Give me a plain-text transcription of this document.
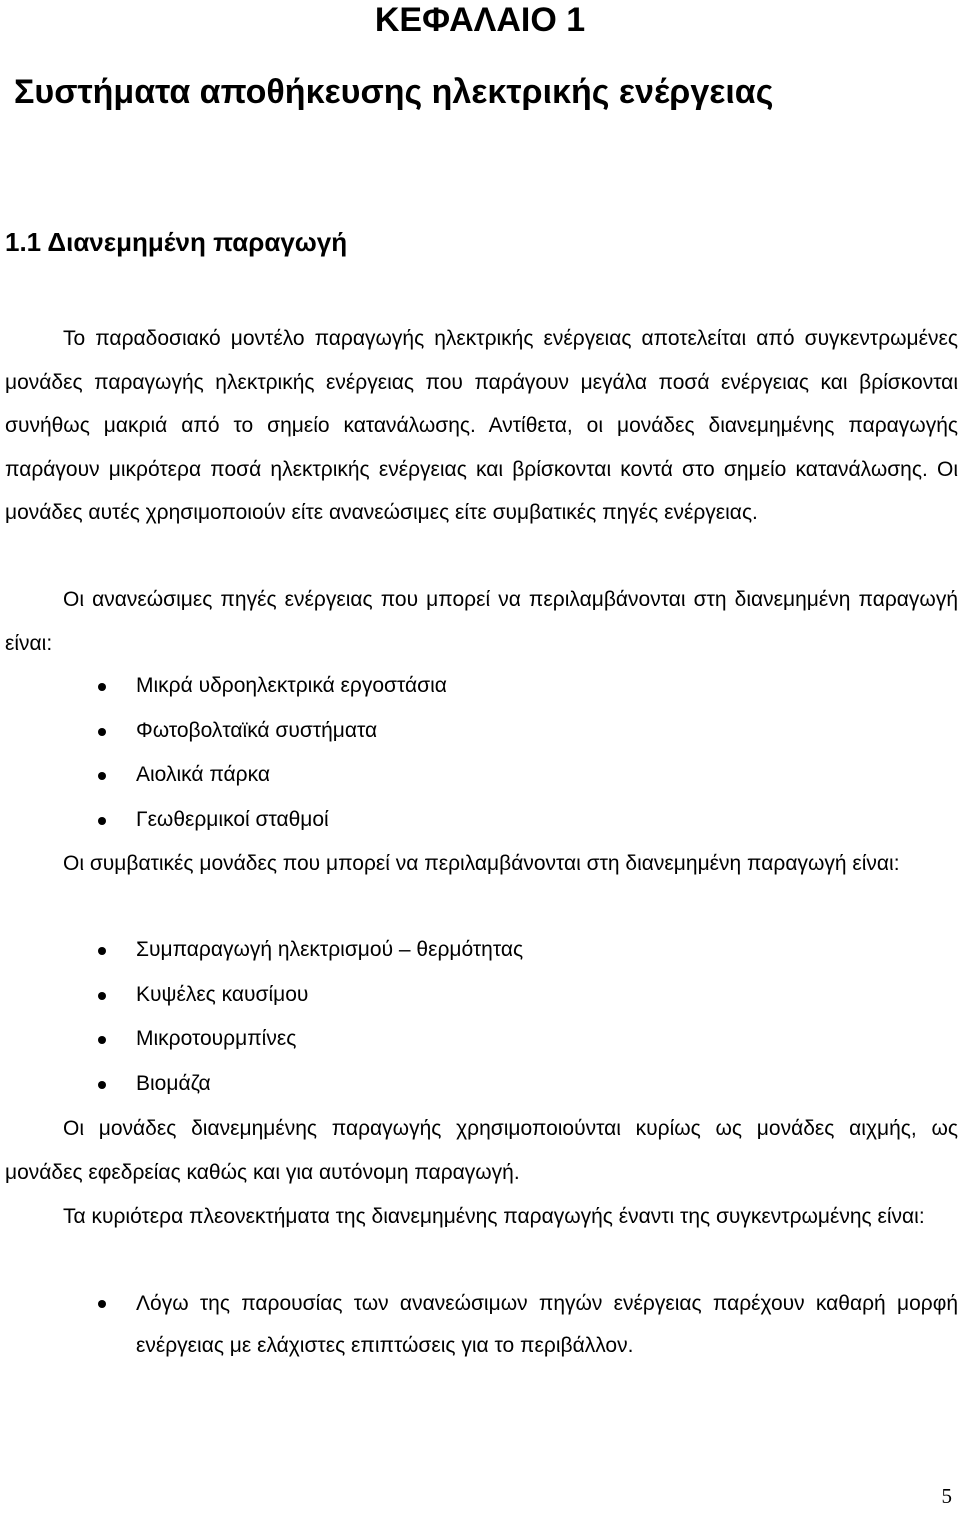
ΚΕΦΑΛΑΙΟ 1
Συστήματα αποθήκευσης ηλεκτρικής ενέργειας
1.1 Διανεμημένη παραγωγή

Το παραδοσιακό μοντέλο παραγωγής ηλεκτρικής ενέργειας αποτελείται από συγκεντρωμένες μονάδες παραγωγής ηλεκτρικής ενέργειας που παράγουν μεγάλα ποσά ενέργειας και βρίσκονται συνήθως μακριά από το σημείο κατανάλωσης. Αντίθετα, οι μονάδες διανεμημένης παραγωγής παράγουν μικρότερα ποσά ηλεκτρικής ενέργειας και βρίσκονται κοντά στο σημείο κατανάλωσης. Οι μονάδες αυτές χρησιμοποιούν είτε ανανεώσιμες είτε συμβατικές πηγές ενέργειας.

Οι ανανεώσιμες πηγές ενέργειας που μπορεί να περιλαμβάνονται στη διανεμημένη παραγωγή είναι:

Μικρά υδροηλεκτρικά εργοστάσια
Φωτοβολταϊκά συστήματα
Αιολικά πάρκα
Γεωθερμικοί σταθμοί

Οι συμβατικές μονάδες που μπορεί να περιλαμβάνονται στη διανεμημένη παραγωγή είναι:

Συμπαραγωγή ηλεκτρισμού – θερμότητας
Κυψέλες καυσίμου
Μικροτουρμπίνες
Βιομάζα

Οι μονάδες διανεμημένης παραγωγής χρησιμοποιούνται κυρίως ως μονάδες αιχμής, ως μονάδες εφεδρείας καθώς και για αυτόνομη παραγωγή.

Τα κυριότερα πλεονεκτήματα της διανεμημένης παραγωγής έναντι της συγκεντρωμένης είναι:

Λόγω της παρουσίας των ανανεώσιμων πηγών ενέργειας παρέχουν καθαρή μορφή ενέργειας με ελάχιστες επιπτώσεις για το περιβάλλον.
5
